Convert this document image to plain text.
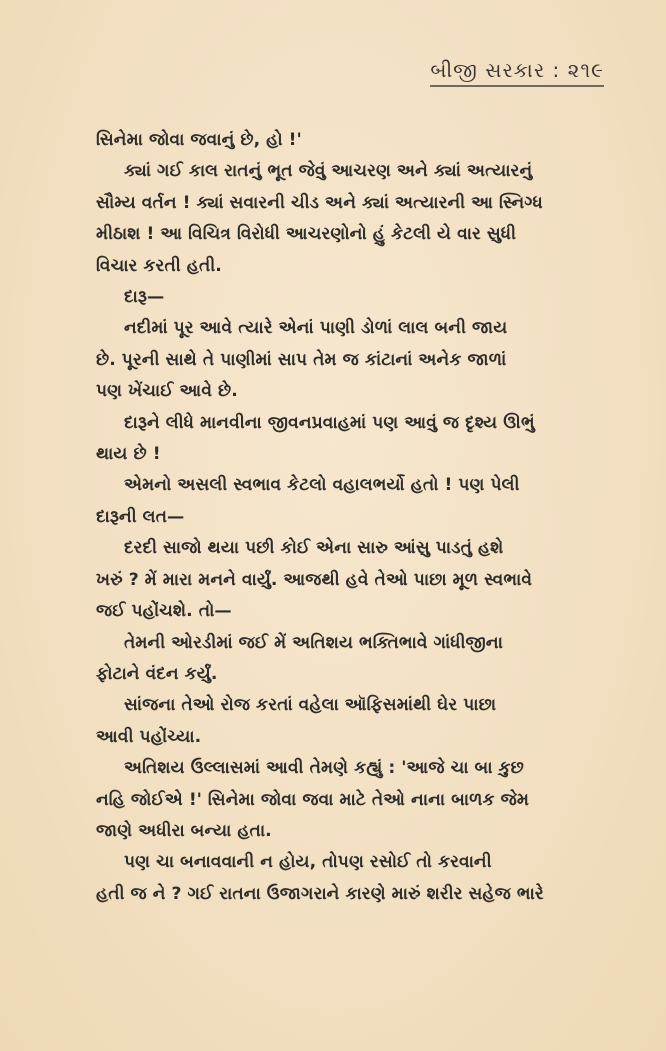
બીજી સરકાર : ૨૧૯

સિનેમા જોવા જવાનું છે, હો !'

ક્યાં ગઈ કાલ રાતનું ભૂત જેવું આચરણ અને ક્યાં અત્યારનું

સૌમ્ય વર્તન ! ક્યાં સવારની ચીડ અને ક્યાં અત્યારની આ સ્નિગ્ધ

મીઠાશ ! આ વિચિત્ર વિરોધી આચરણોનો હું કેટલી યે વાર સુધી

વિચાર કરતી હતી.

દારૂ—

નદીમાં પૂર આવે ત્યારે એનાં પાણી ડોળાં લાલ બની જાય

છે. પૂરની સાથે તે પાણીમાં સાપ તેમ જ કાંટાનાં અનેક જાળાં

પણ ખેંચાઈ આવે છે.

દારૂને લીધે માનવીના જીવનપ્રવાહમાં પણ આવું જ દૃશ્ય ઊભું

થાય છે !

એમનો અસલી સ્વભાવ કેટલો વહાલભર્યો હતો ! પણ પેલી

દારૂની લત—

દરદી સાજો થયા પછી કોઈ એના સારુ આંસુ પાડતું હશે

ખરું ? મેં મારા મનને વાર્યું. આજથી હવે તેઓ પાછા મૂળ સ્વભાવે

જઈ પહોંચશે. તો—

તેમની ઓરડીમાં જઈ મેં અતિશય ભક્તિભાવે ગાંધીજીના

ફોટાને વંદન કર્યું.

સાંજના તેઓ રોજ કરતાં વહેલા ઑફિસમાંથી ઘેર પાછા

આવી પહોંચ્યા.

અતિશય ઉલ્લાસમાં આવી તેમણે કહ્યું : 'આજે ચા બા કુછ

નહિ જોઈએ !' સિનેમા જોવા જવા માટે તેઓ નાના બાળક જેમ

જાણે અધીરા બન્યા હતા.

પણ ચા બનાવવાની ન હોય, તોપણ રસોઈ તો કરવાની

હતી જ ને ? ગઈ રાતના ઉજાગરાને કારણે મારું શરીર સહેજ ભારે
